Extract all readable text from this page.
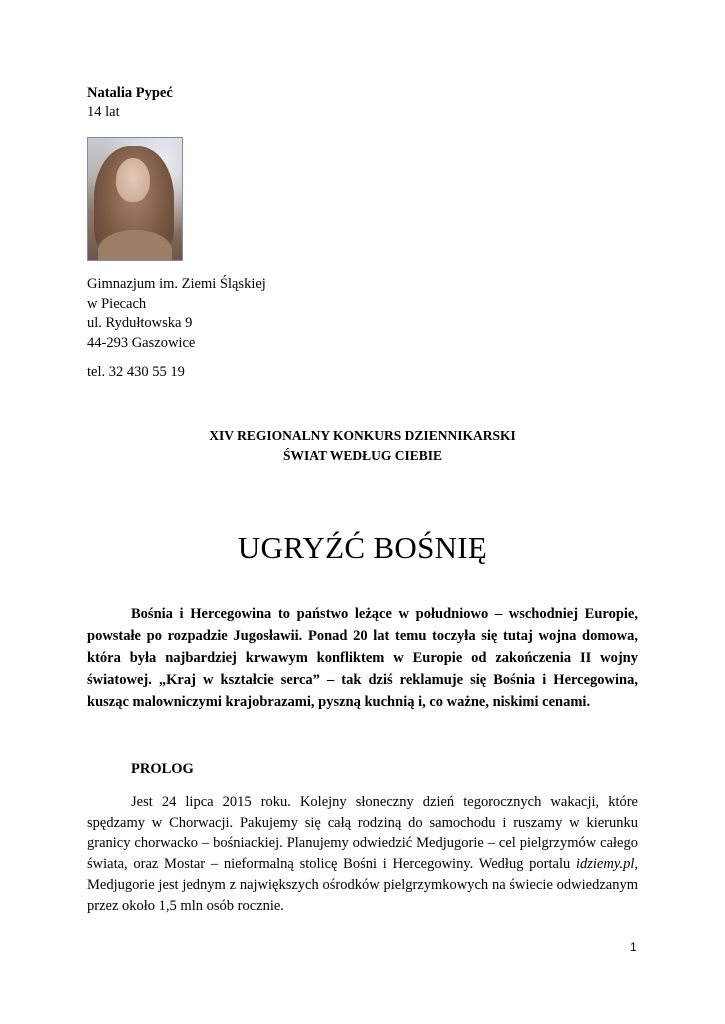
Natalia Pypeć
14 lat
Gimnazjum im. Ziemi Śląskiej
w Piecach
ul. Rydułtowska 9
44-293 Gaszowice
tel. 32 430 55 19
XIV REGIONALNY KONKURS DZIENNIKARSKI
ŚWIAT WEDŁUG CIEBIE
UGRYŹĆ BOŚNIĘ

Bośnia i Hercegowina to państwo leżące w południowo – wschodniej Europie, powstałe po rozpadzie Jugosławii. Ponad 20 lat temu toczyła się tutaj wojna domowa, która była najbardziej krwawym konfliktem w Europie od zakończenia II wojny światowej. „Kraj w kształcie serca” – tak dziś reklamuje się Bośnia i Hercegowina, kusząc malowniczymi krajobrazami, pyszną kuchnią i, co ważne, niskimi cenami.

PROLOG

Jest 24 lipca 2015 roku. Kolejny słoneczny dzień tegorocznych wakacji, które spędzamy w Chorwacji. Pakujemy się całą rodziną do samochodu i ruszamy w kierunku granicy chorwacko – bośniackiej. Planujemy odwiedzić Medjugorie – cel pielgrzymów całego świata, oraz Mostar – nieformalną stolicę Bośni i Hercegowiny. Według portalu idziemy.pl, Medjugorie jest jednym z największych ośrodków pielgrzymkowych na świecie odwiedzanym przez około 1,5 mln osób rocznie.

1
